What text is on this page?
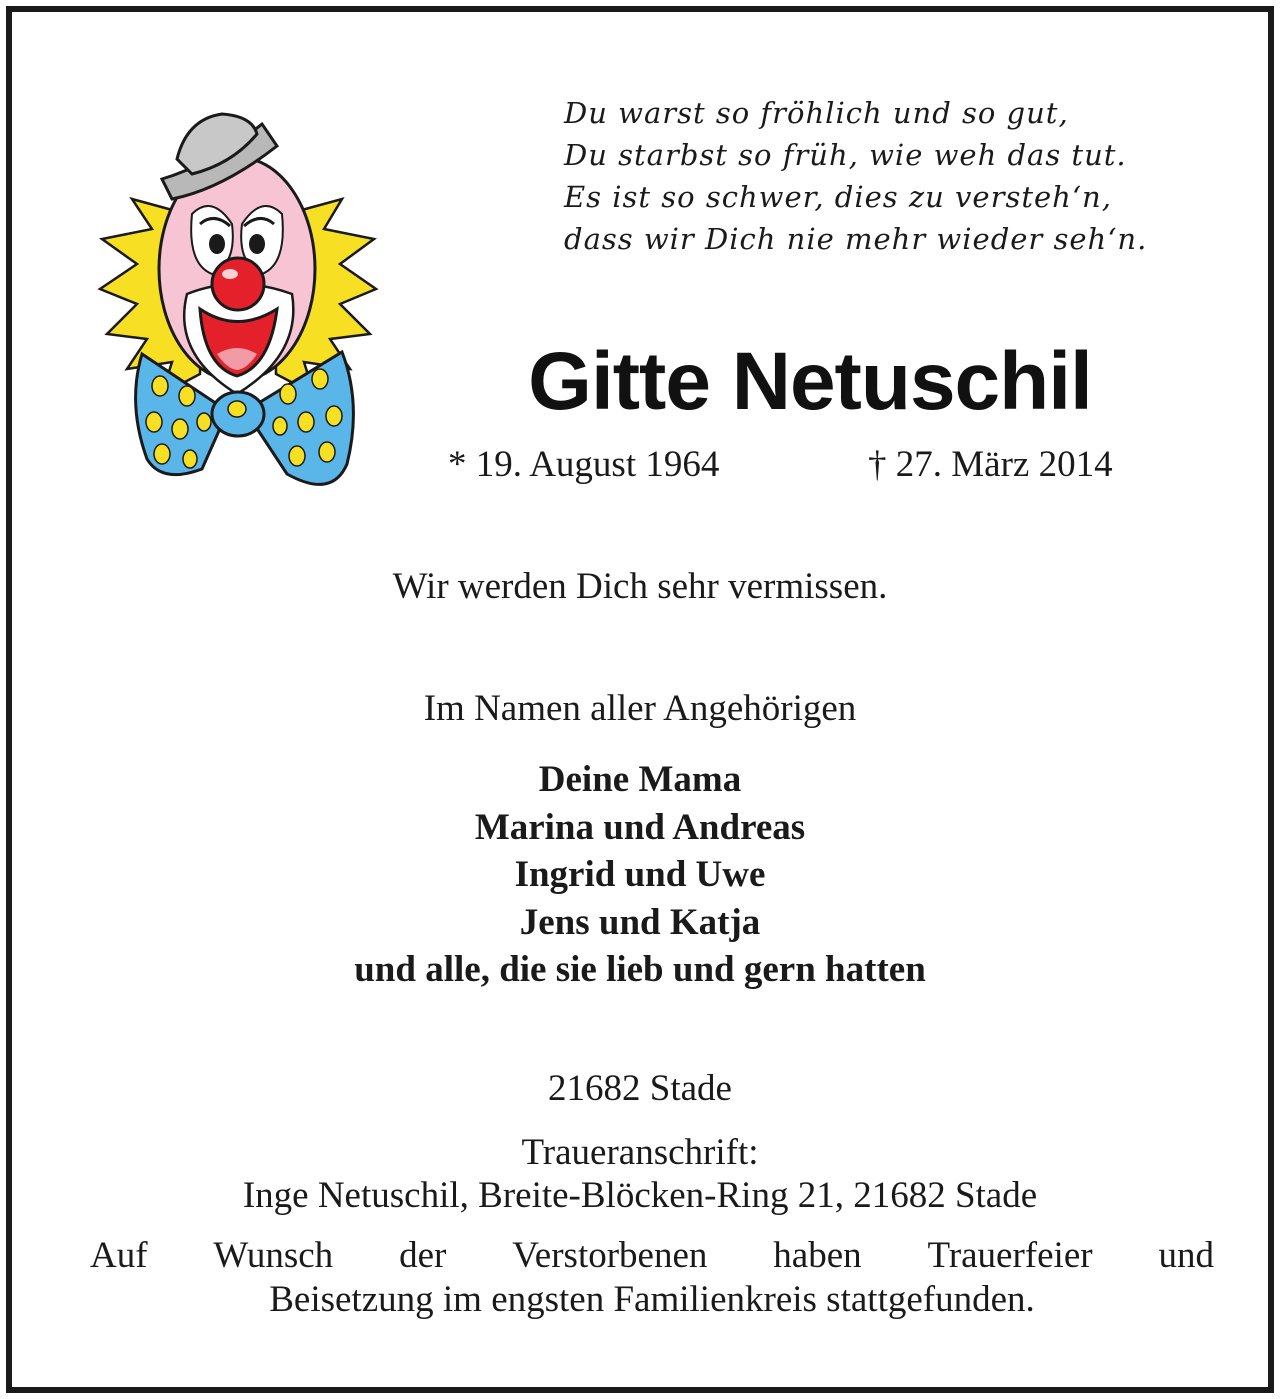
Du warst so fröhlich und so gut,
Du starbst so früh, wie weh das tut.
Es ist so schwer, dies zu versteh‘n,
dass wir Dich nie mehr wieder seh‘n.
Gitte Netuschil
* 19. August 1964	† 27. März 2014
Wir werden Dich sehr vermissen.
Im Namen aller Angehörigen
Deine Mama
Marina und Andreas
Ingrid und Uwe
Jens und Katja
und alle, die sie lieb und gern hatten
21682 Stade
Traueranschrift:
Inge Netuschil, Breite-Blöcken-Ring 21, 21682 Stade
Auf Wunsch der Verstorbenen haben Trauerfeier und
Beisetzung im engsten Familienkreis stattgefunden.
